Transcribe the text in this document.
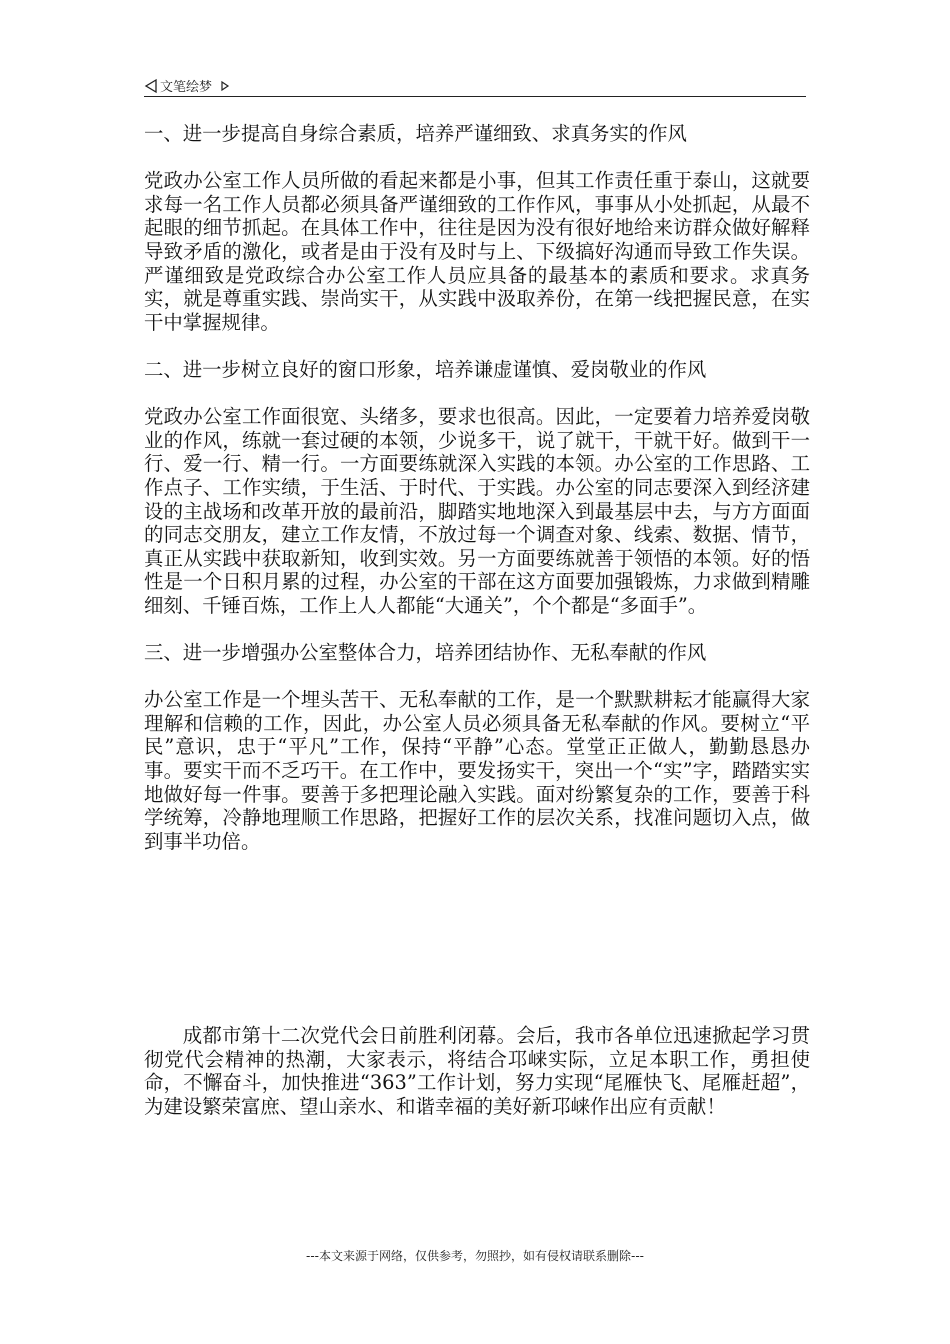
文笔绘梦
一、进一步提高自身综合素质，培养严谨细致、求真务实的作风

党政办公室工作人员所做的看起来都是小事，但其工作责任重于泰山，这就要求每一名工作人员都必须具备严谨细致的工作作风，事事从小处抓起，从最不起眼的细节抓起。在具体工作中，往往是因为没有很好地给来访群众做好解释导致矛盾的激化，或者是由于没有及时与上、下级搞好沟通而导致工作失误。严谨细致是党政综合办公室工作人员应具备的最基本的素质和要求。求真务实，就是尊重实践、崇尚实干，从实践中汲取养份，在第一线把握民意，在实干中掌握规律。

二、进一步树立良好的窗口形象，培养谦虚谨慎、爱岗敬业的作风

党政办公室工作面很宽、头绪多，要求也很高。因此，一定要着力培养爱岗敬业的作风，练就一套过硬的本领，少说多干，说了就干，干就干好。做到干一行、爱一行、精一行。一方面要练就深入实践的本领。办公室的工作思路、工作点子、工作实绩，于生活、于时代、于实践。办公室的同志要深入到经济建设的主战场和改革开放的最前沿，脚踏实地地深入到最基层中去，与方方面面的同志交朋友，建立工作友情，不放过每一个调查对象、线索、数据、情节，真正从实践中获取新知，收到实效。另一方面要练就善于领悟的本领。好的悟性是一个日积月累的过程，办公室的干部在这方面要加强锻炼，力求做到精雕细刻、千锤百炼，工作上人人都能“大通关”，个个都是“多面手”。

三、进一步增强办公室整体合力，培养团结协作、无私奉献的作风

办公室工作是一个埋头苦干、无私奉献的工作，是一个默默耕耘才能赢得大家理解和信赖的工作，因此，办公室人员必须具备无私奉献的作风。要树立“平民”意识，忠于“平凡”工作，保持“平静”心态。堂堂正正做人，勤勤恳恳办事。要实干而不乏巧干。在工作中，要发扬实干，突出一个“实”字，踏踏实实地做好每一件事。要善于多把理论融入实践。面对纷繁复杂的工作，要善于科学统筹，冷静地理顺工作思路，把握好工作的层次关系，找准问题切入点，做到事半功倍。

成都市第十二次党代会日前胜利闭幕。会后，我市各单位迅速掀起学习贯彻党代会精神的热潮，大家表示，将结合邛崃实际，立足本职工作，勇担使命，不懈奋斗，加快推进“363”工作计划，努力实现“尾雁快飞、尾雁赶超”，为建设繁荣富庶、望山亲水、和谐幸福的美好新邛崃作出应有贡献！

---本文来源于网络，仅供参考，勿照抄，如有侵权请联系删除---
